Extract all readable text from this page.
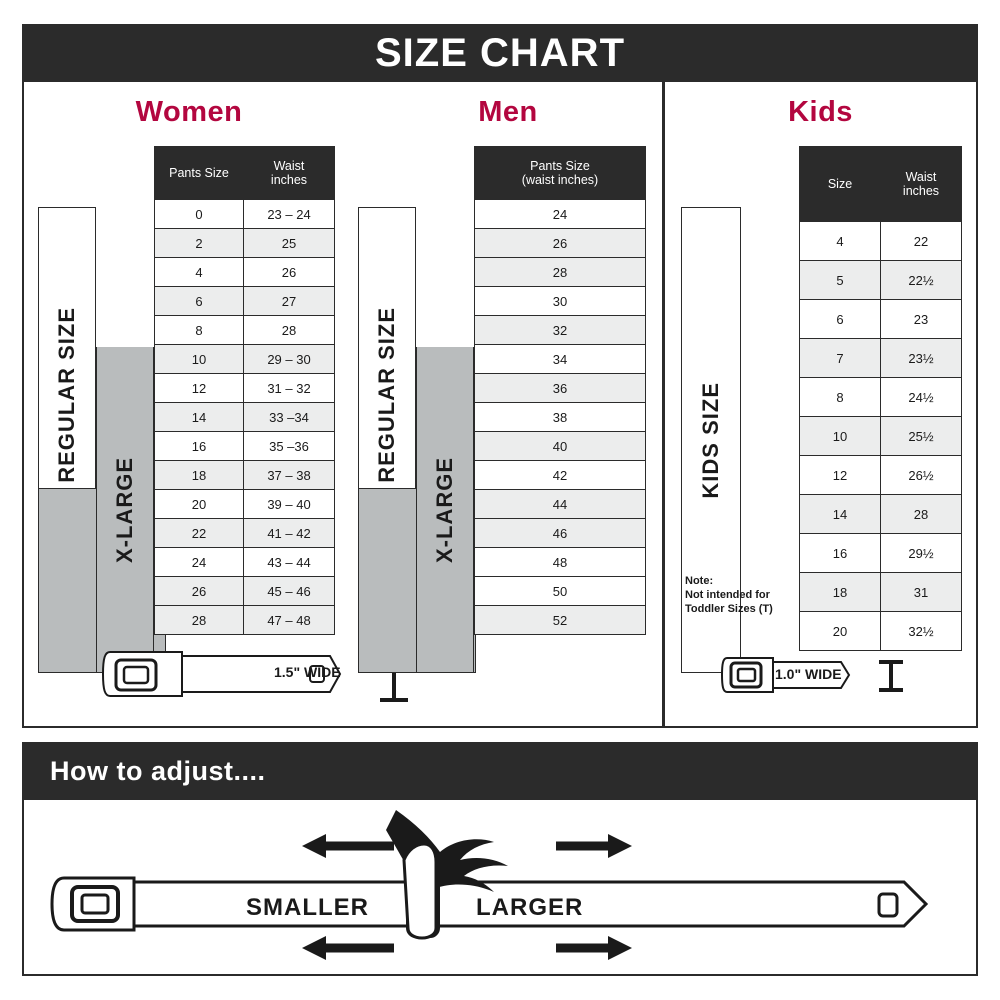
SIZE CHART
Women
REGULAR SIZE
X-LARGE
Pants Size	Waist
inches

0	23 – 24
2	25
4	26
6	27
8	28
10	29 – 30
12	31 – 32
14	33 –34
16	35 –36
18	37 – 38
20	39 – 40
22	41 – 42
24	43 – 44
26	45 – 46
28	47 – 48
1.5" WIDE
Men
REGULAR SIZE
X-LARGE
Pants Size
(waist inches)

24
26
28
30
32
34
36
38
40
42
44
46
48
50
52
Kids
KIDS SIZE
Note:
Not intended for
Toddler Sizes (T)
Size	Waist
inches

4	22
5	22½
6	23
7	23½
8	24½
10	25½
12	26½
14	28
16	29½
18	31
20	32½
1.0" WIDE
How to adjust....
SMALLER	LARGER
